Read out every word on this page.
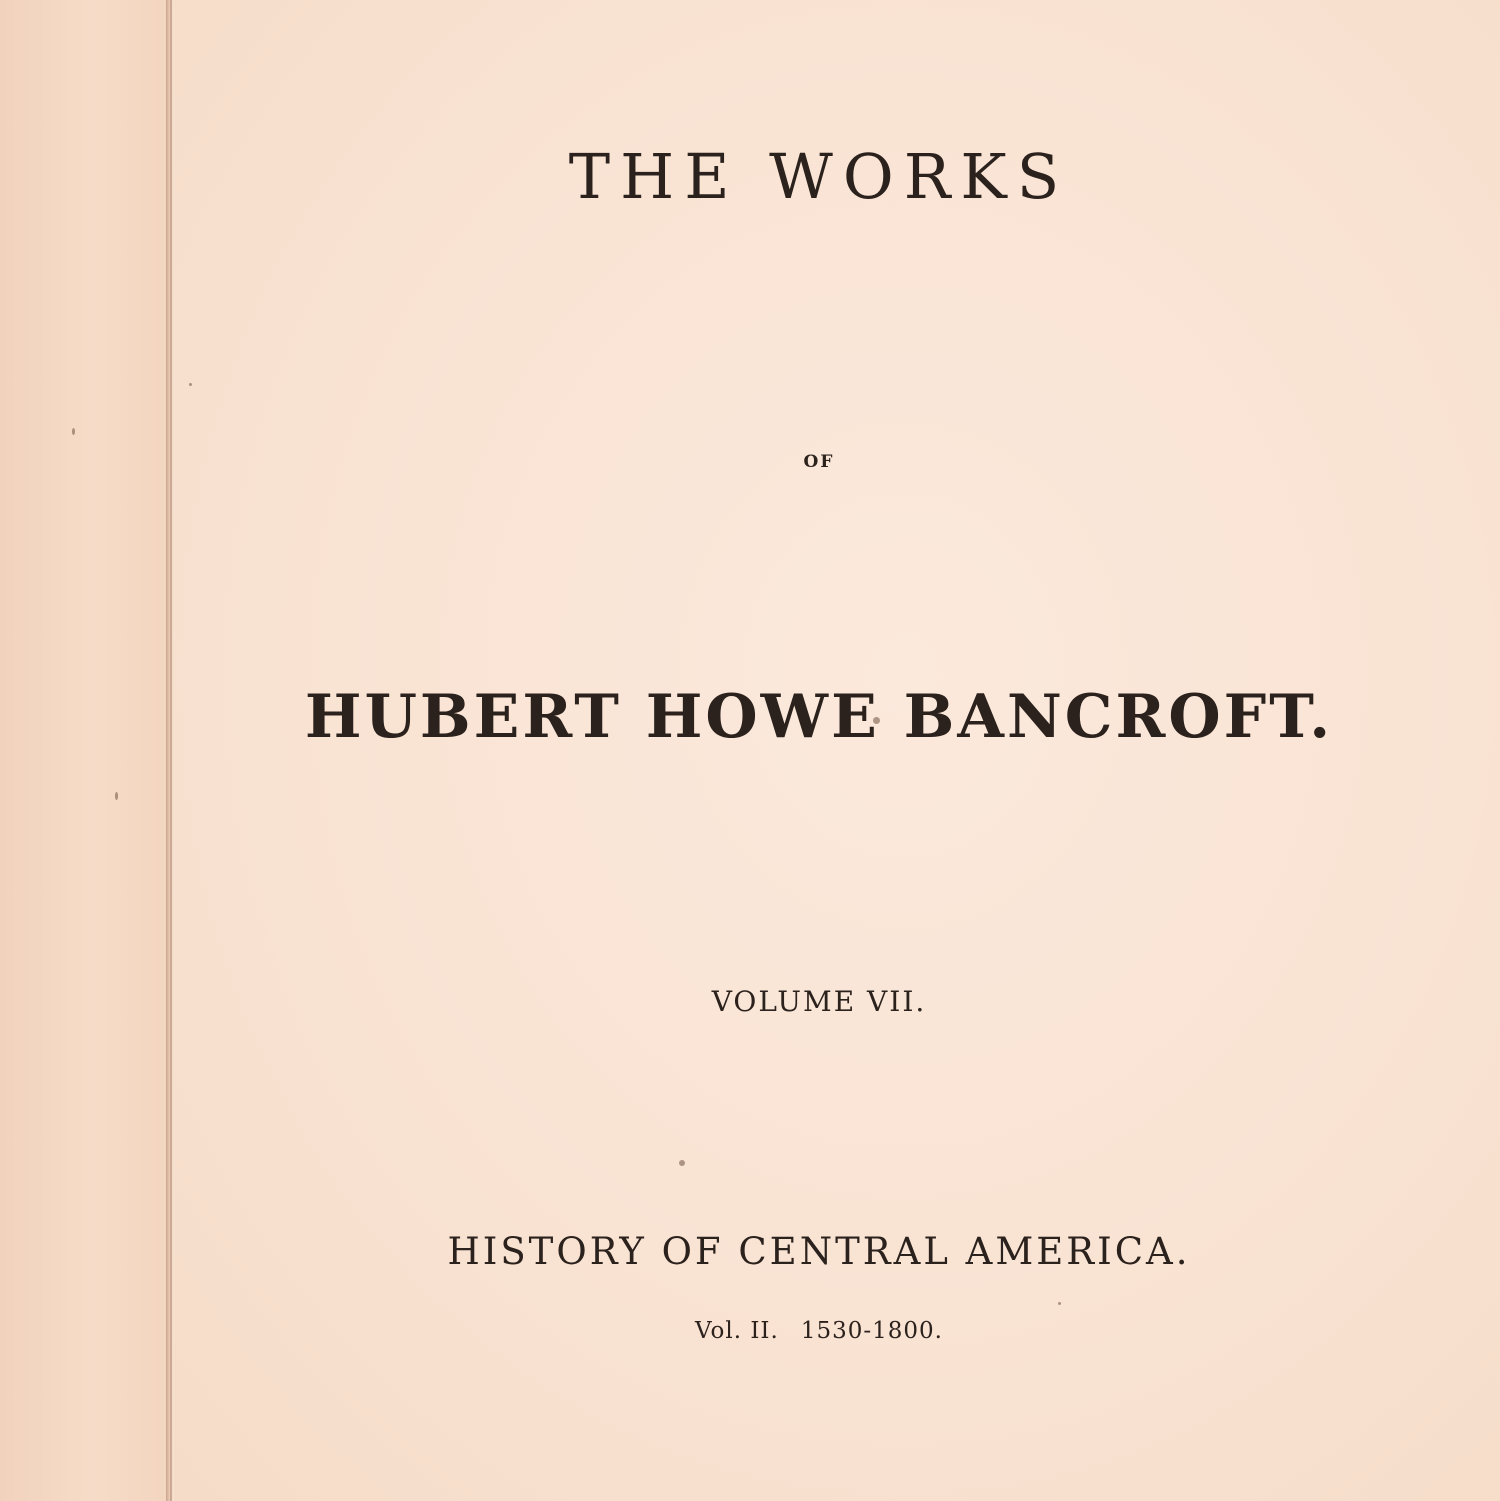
THE WORKS
OF
HUBERT HOWE BANCROFT.
VOLUME VII.
HISTORY OF CENTRAL AMERICA.
Vol. II. 1530-1800.
